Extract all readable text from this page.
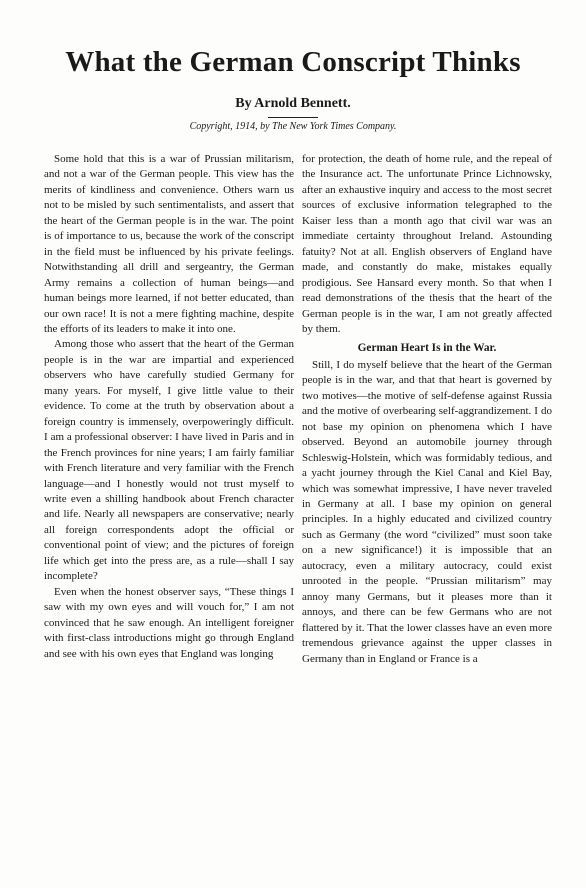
What the German Conscript Thinks
By Arnold Bennett.
Copyright, 1914, by The New York Times Company.

Some hold that this is a war of Prussian militarism, and not a war of the German people. This view has the merits of kindliness and convenience. Others warn us not to be misled by such sentimentalists, and assert that the heart of the German people is in the war. The point is of importance to us, because the work of the conscript in the field must be influenced by his private feelings. Notwithstanding all drill and sergeantry, the German Army remains a collection of human beings—and human beings more learned, if not better educated, than our own race! It is not a mere fighting machine, despite the efforts of its leaders to make it into one.

Among those who assert that the heart of the German people is in the war are impartial and experienced observers who have carefully studied Germany for many years. For myself, I give little value to their evidence. To come at the truth by observation about a foreign country is immensely, overpoweringly difficult. I am a professional observer: I have lived in Paris and in the French provinces for nine years; I am fairly familiar with French literature and very familiar with the French language—and I honestly would not trust myself to write even a shilling handbook about French character and life. Nearly all newspapers are conservative; nearly all foreign correspondents adopt the official or conventional point of view; and the pictures of foreign life which get into the press are, as a rule—shall I say incomplete?

Even when the honest observer says, “These things I saw with my own eyes and will vouch for,” I am not convinced that he saw enough. An intelligent foreigner with first-class introductions might go through England and see with his own eyes that England was longing

for protection, the death of home rule, and the repeal of the Insurance act. The unfortunate Prince Lichnowsky, after an exhaustive inquiry and access to the most secret sources of exclusive information telegraphed to the Kaiser less than a month ago that civil war was an immediate certainty throughout Ireland. Astounding fatuity? Not at all. English observers of England have made, and constantly do make, mistakes equally prodigious. See Hansard every month. So that when I read demonstrations of the thesis that the heart of the German people is in the war, I am not greatly affected by them.

German Heart Is in the War.

Still, I do myself believe that the heart of the German people is in the war, and that that heart is governed by two motives—the motive of self-defense against Russia and the motive of overbearing self-aggrandizement. I do not base my opinion on phenomena which I have observed. Beyond an automobile journey through Schleswig-Holstein, which was formidably tedious, and a yacht journey through the Kiel Canal and Kiel Bay, which was somewhat impressive, I have never traveled in Germany at all. I base my opinion on general principles. In a highly educated and civilized country such as Germany (the word “civilized” must soon take on a new significance!) it is impossible that an autocracy, even a military autocracy, could exist unrooted in the people. “Prussian militarism” may annoy many Germans, but it pleases more than it annoys, and there can be few Germans who are not flattered by it. That the lower classes have an even more tremendous grievance against the upper classes in Germany than in England or France is a
